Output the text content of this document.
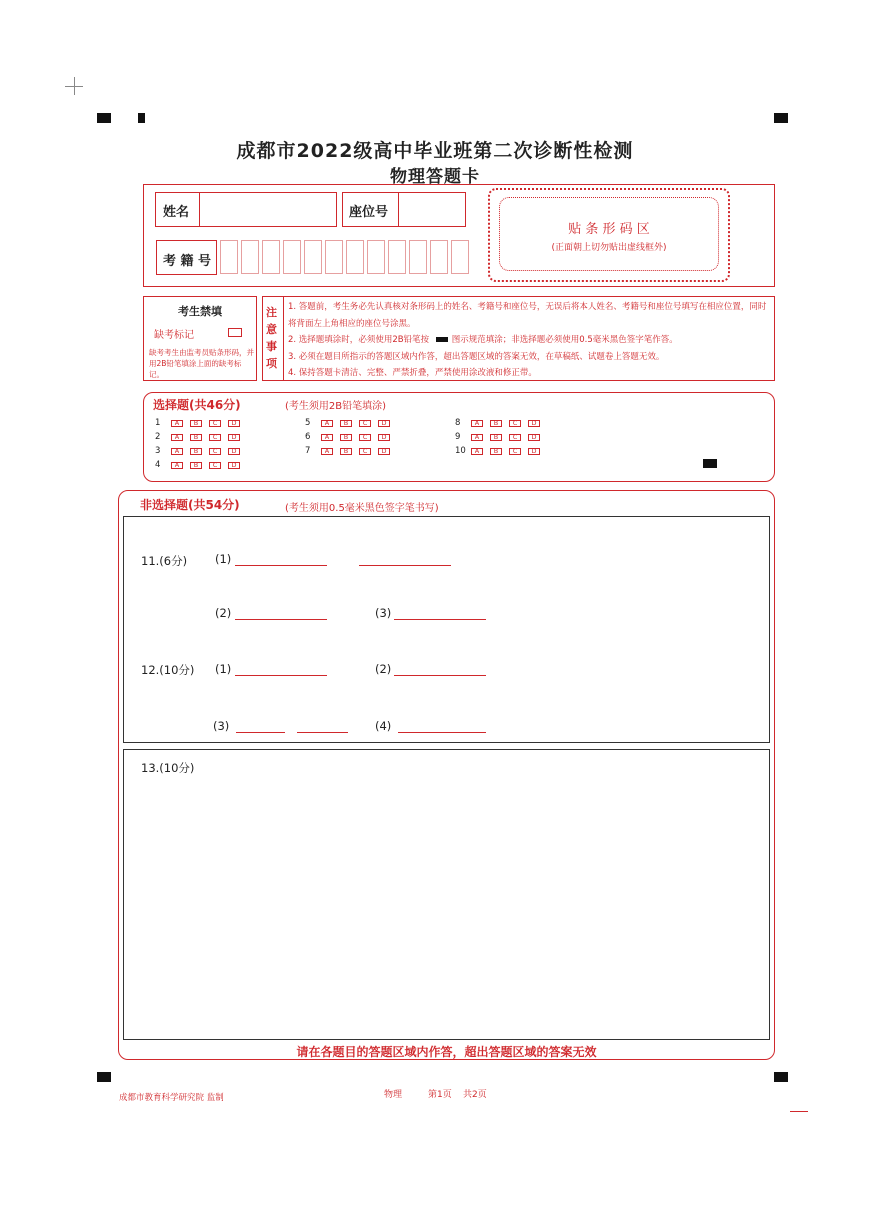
成都市2022级高中毕业班第二次诊断性检测
物理答题卡
姓名	座位号
考 籍 号
贴 条 形 码 区
(正面朝上切勿贴出虚线框外)
考生禁填
缺考标记
缺考考生由监考员贴条形码，并用2B铅笔填涂上面的缺考标记。
注意事项
1. 答题前，考生务必先认真核对条形码上的姓名、考籍号和座位号，无误后将本人姓名、考籍号和座位号填写在相应位置，同时将背面左上角相应的座位号涂黑。
2. 选择题填涂时，必须使用2B铅笔按	图示规范填涂；非选择题必须使用0.5毫米黑色签字笔作答。
3. 必须在题目所指示的答题区域内作答，超出答题区域的答案无效，在草稿纸、试题卷上答题无效。
4. 保持答题卡清洁、完整、严禁折叠，严禁使用涂改液和修正带。
选择题(共46分)	(考生须用2B铅笔填涂)
1	A	B	C	D
2	A	B	C	D
3	A	B	C	D
4	A	B	C	D
5	A	B	C	D
6	A	B	C	D
7	A	B	C	D
8	A	B	C	D
9	A	B	C	D
10	A	B	C	D
非选择题(共54分)	(考生须用0.5毫米黑色签字笔书写)
11.(6分) (1)
(2)	(3)
12.(10分) (1)	(2)
(3)	(4)
13.(10分)
请在各题目的答题区域内作答，超出答题区域的答案无效
成都市教育科学研究院 监制	物理	第1页 共2页
